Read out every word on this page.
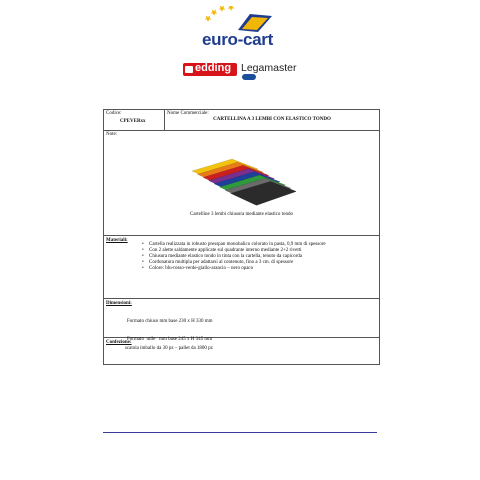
euro-cart
edding Legamaster
Codice:
CPEVERxx
Nome Commerciale:
CARTELLINA A 3 LEMBI CON ELASTICO TONDO
Note:
Cartelline 3 lembi chiusura mediante elastico tondo
Materiali:
• Cartella realizzata in robusto presspan monobalico colorato in pasta, 0,9 mm di spessore
• Con 2 alette saldamente applicate sul quadrante interno mediante 2+2 rivetti
• Chiusura mediante elastico tondo in tinta con la cartella, tenuto da capicorda
• Cordonatura multipla per adattarsi al contenuto, fino a 3 cm. di spessore
• Colore: blu-rosso-verde-giallo-arancio – nero opaco
Dimensioni:

Formato chiuso mm base 230 x H 330 mm

Formato  utile   mm base 245 x H 345 mm

Confezione:
scatola imballo da 30 pz – pallet da 1800 pz
